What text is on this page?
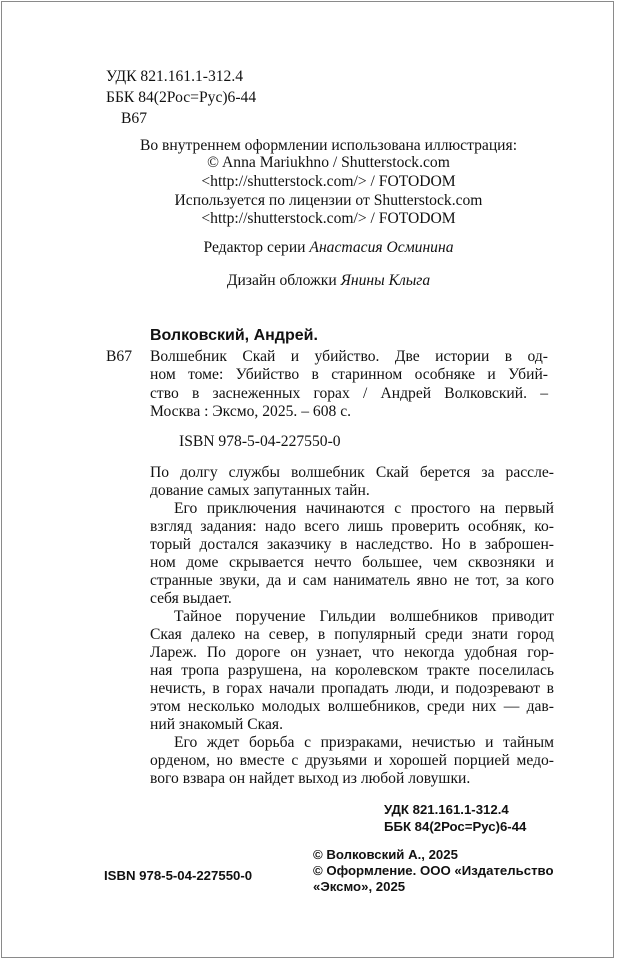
УДК 821.161.1-312.4
ББК 84(2Рос=Рус)6-44
В67
Во внутреннем оформлении использована иллюстрация:
© Anna Mariukhno / Shutterstock.com
<http://shutterstock.com/> / FOTODOM
Используется по лицензии от Shutterstock.com
<http://shutterstock.com/> / FOTODOM
Редактор серии Анастасия Осминина
Дизайн обложки Янины Клыга
Волковский, Андрей.
В67 Волшебник Скай и убийство. Две истории в од-
ном томе: Убийство в старинном особняке и Убий-
ство в заснеженных горах / Андрей Волковский. –
Москва : Эксмо, 2025. – 608 с.
ISBN 978-5-04-227550-0
По долгу службы волшебник Скай берется за рассле-
дование самых запутанных тайн.
Его приключения начинаются с простого на первый
взгляд задания: надо всего лишь проверить особняк, ко-
торый достался заказчику в наследство. Но в заброшен-
ном доме скрывается нечто большее, чем сквозняки и
странные звуки, да и сам наниматель явно не тот, за кого
себя выдает.
Тайное поручение Гильдии волшебников приводит
Ская далеко на север, в популярный среди знати город
Лареж. По дороге он узнает, что некогда удобная гор-
ная тропа разрушена, на королевском тракте поселилась
нечисть, в горах начали пропадать люди, и подозревают в
этом несколько молодых волшебников, среди них — дав-
ний знакомый Ская.
Его ждет борьба с призраками, нечистью и тайным
орденом, но вместе с друзьями и хорошей порцией медо-
вого взвара он найдет выход из любой ловушки.
УДК 821.161.1-312.4
ББК 84(2Рос=Рус)6-44
© Волковский А., 2025
© Оформление. ООО «Издательство
«Эксмо», 2025
ISBN 978-5-04-227550-0
